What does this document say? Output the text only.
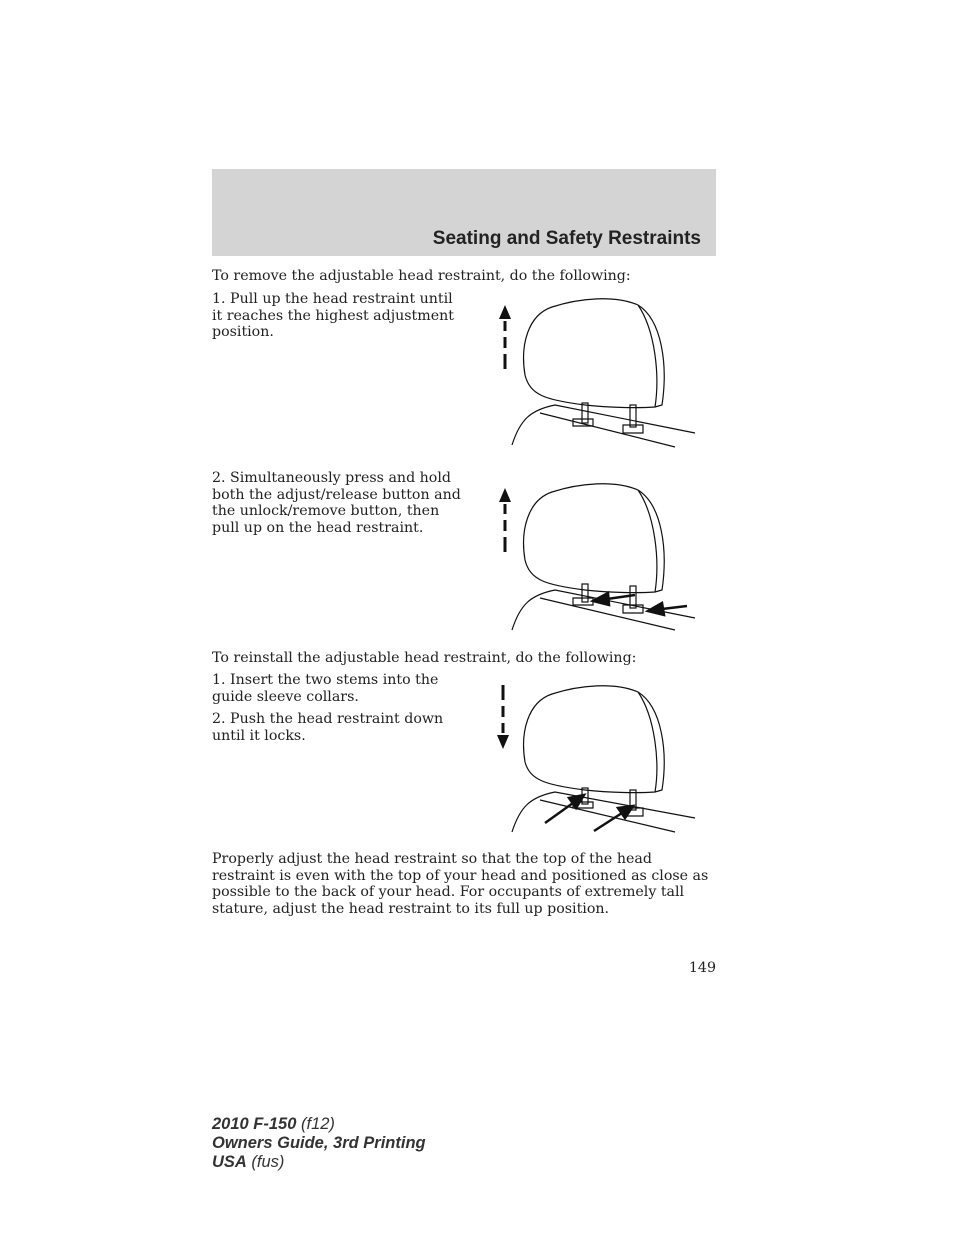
Seating and Safety Restraints

To remove the adjustable head restraint, do the following:

1. Pull up the head restraint until it reaches the highest adjustment position.

2. Simultaneously press and hold both the adjust/release button and the unlock/remove button, then pull up on the head restraint.

To reinstall the adjustable head restraint, do the following:

1. Insert the two stems into the guide sleeve collars.

2. Push the head restraint down until it locks.

Properly adjust the head restraint so that the top of the head restraint is even with the top of your head and positioned as close as possible to the back of your head. For occupants of extremely tall stature, adjust the head restraint to its full up position.

149
2010 F-150 (f12)
Owners Guide, 3rd Printing
USA (fus)
